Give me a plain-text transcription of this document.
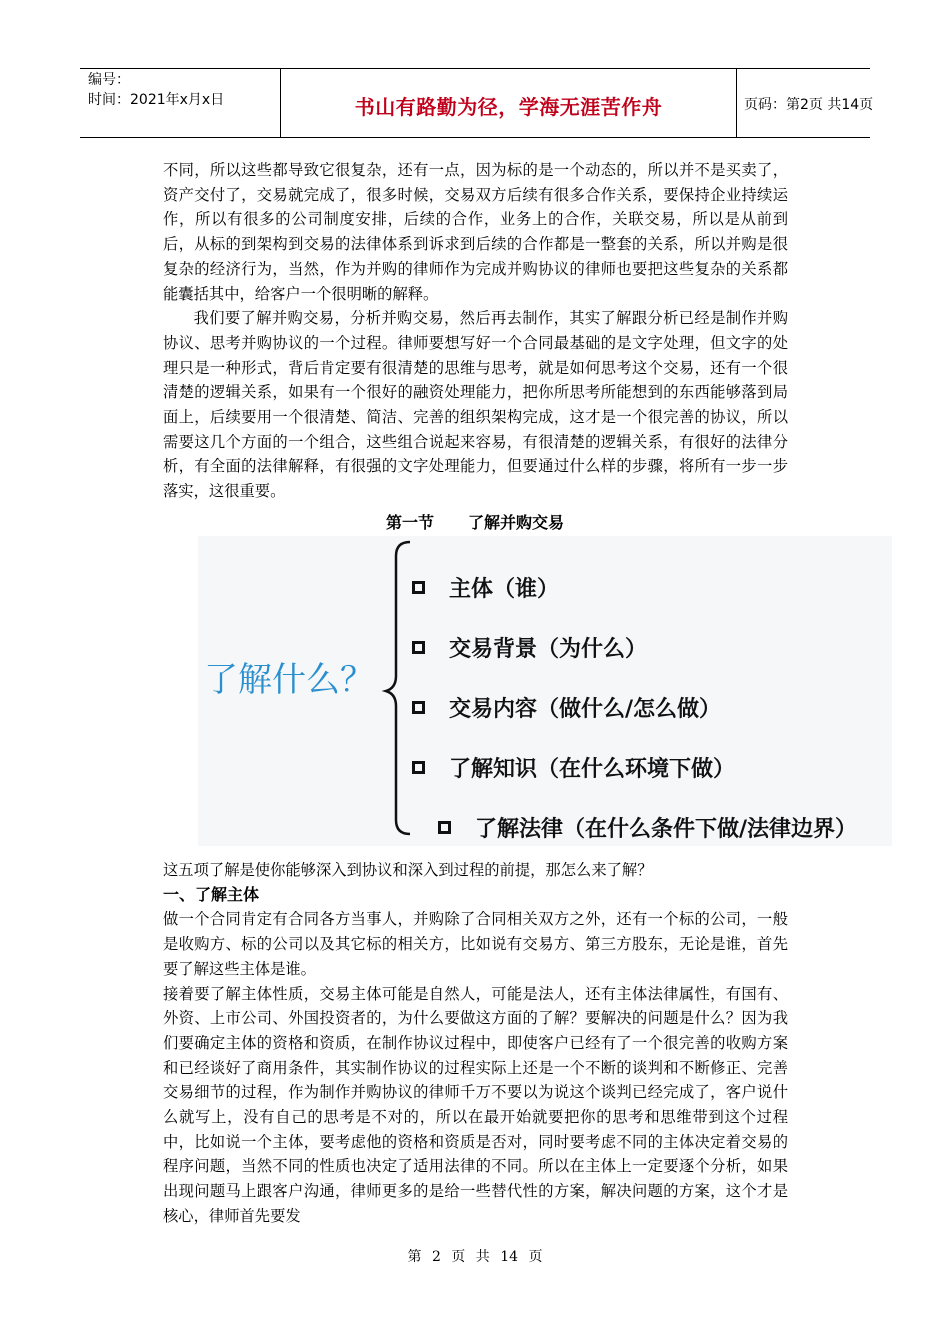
编号：
时间：2021年x月x日	书山有路勤为径，学海无涯苦作舟	页码：第2页 共14页

不同，所以这些都导致它很复杂，还有一点，因为标的是一个动态的，所以并不是买卖了，资产交付了，交易就完成了，很多时候，交易双方后续有很多合作关系，要保持企业持续运作，所以有很多的公司制度安排，后续的合作，业务上的合作，关联交易，所以是从前到后，从标的到架构到交易的法律体系到诉求到后续的合作都是一整套的关系，所以并购是很复杂的经济行为，当然，作为并购的律师作为完成并购协议的律师也要把这些复杂的关系都能囊括其中，给客户一个很明晰的解释。

我们要了解并购交易，分析并购交易，然后再去制作，其实了解跟分析已经是制作并购协议、思考并购协议的一个过程。律师要想写好一个合同最基础的是文字处理，但文字的处理只是一种形式，背后肯定要有很清楚的思维与思考，就是如何思考这个交易，还有一个很清楚的逻辑关系，如果有一个很好的融资处理能力，把你所思考所能想到的东西能够落到局面上，后续要用一个很清楚、简洁、完善的组织架构完成，这才是一个很完善的协议，所以需要这几个方面的一个组合，这些组合说起来容易，有很清楚的逻辑关系，有很好的法律分析，有全面的法律解释，有很强的文字处理能力，但要通过什么样的步骤，将所有一步一步落实，这很重要。

第一节 了解并购交易
了解什么？
主体（谁）
交易背景（为什么）
交易内容（做什么/怎么做）
了解知识（在什么环境下做）
了解法律（在什么条件下做/法律边界）

这五项了解是使你能够深入到协议和深入到过程的前提，那怎么来了解？

一、了解主体

做一个合同肯定有合同各方当事人，并购除了合同相关双方之外，还有一个标的公司，一般是收购方、标的公司以及其它标的相关方，比如说有交易方、第三方股东，无论是谁，首先要了解这些主体是谁。

接着要了解主体性质，交易主体可能是自然人，可能是法人，还有主体法律属性，有国有、外资、上市公司、外国投资者的，为什么要做这方面的了解？要解决的问题是什么？因为我们要确定主体的资格和资质，在制作协议过程中，即使客户已经有了一个很完善的收购方案和已经谈好了商用条件，其实制作协议的过程实际上还是一个不断的谈判和不断修正、完善交易细节的过程，作为制作并购协议的律师千万不要以为说这个谈判已经完成了，客户说什么就写上，没有自己的思考是不对的，所以在最开始就要把你的思考和思维带到这个过程中，比如说一个主体，要考虑他的资格和资质是否对，同时要考虑不同的主体决定着交易的程序问题，当然不同的性质也决定了适用法律的不同。所以在主体上一定要逐个分析，如果出现问题马上跟客户沟通，律师更多的是给一些替代性的方案，解决问题的方案，这个才是核心，律师首先要发

第 2 页 共 14 页
